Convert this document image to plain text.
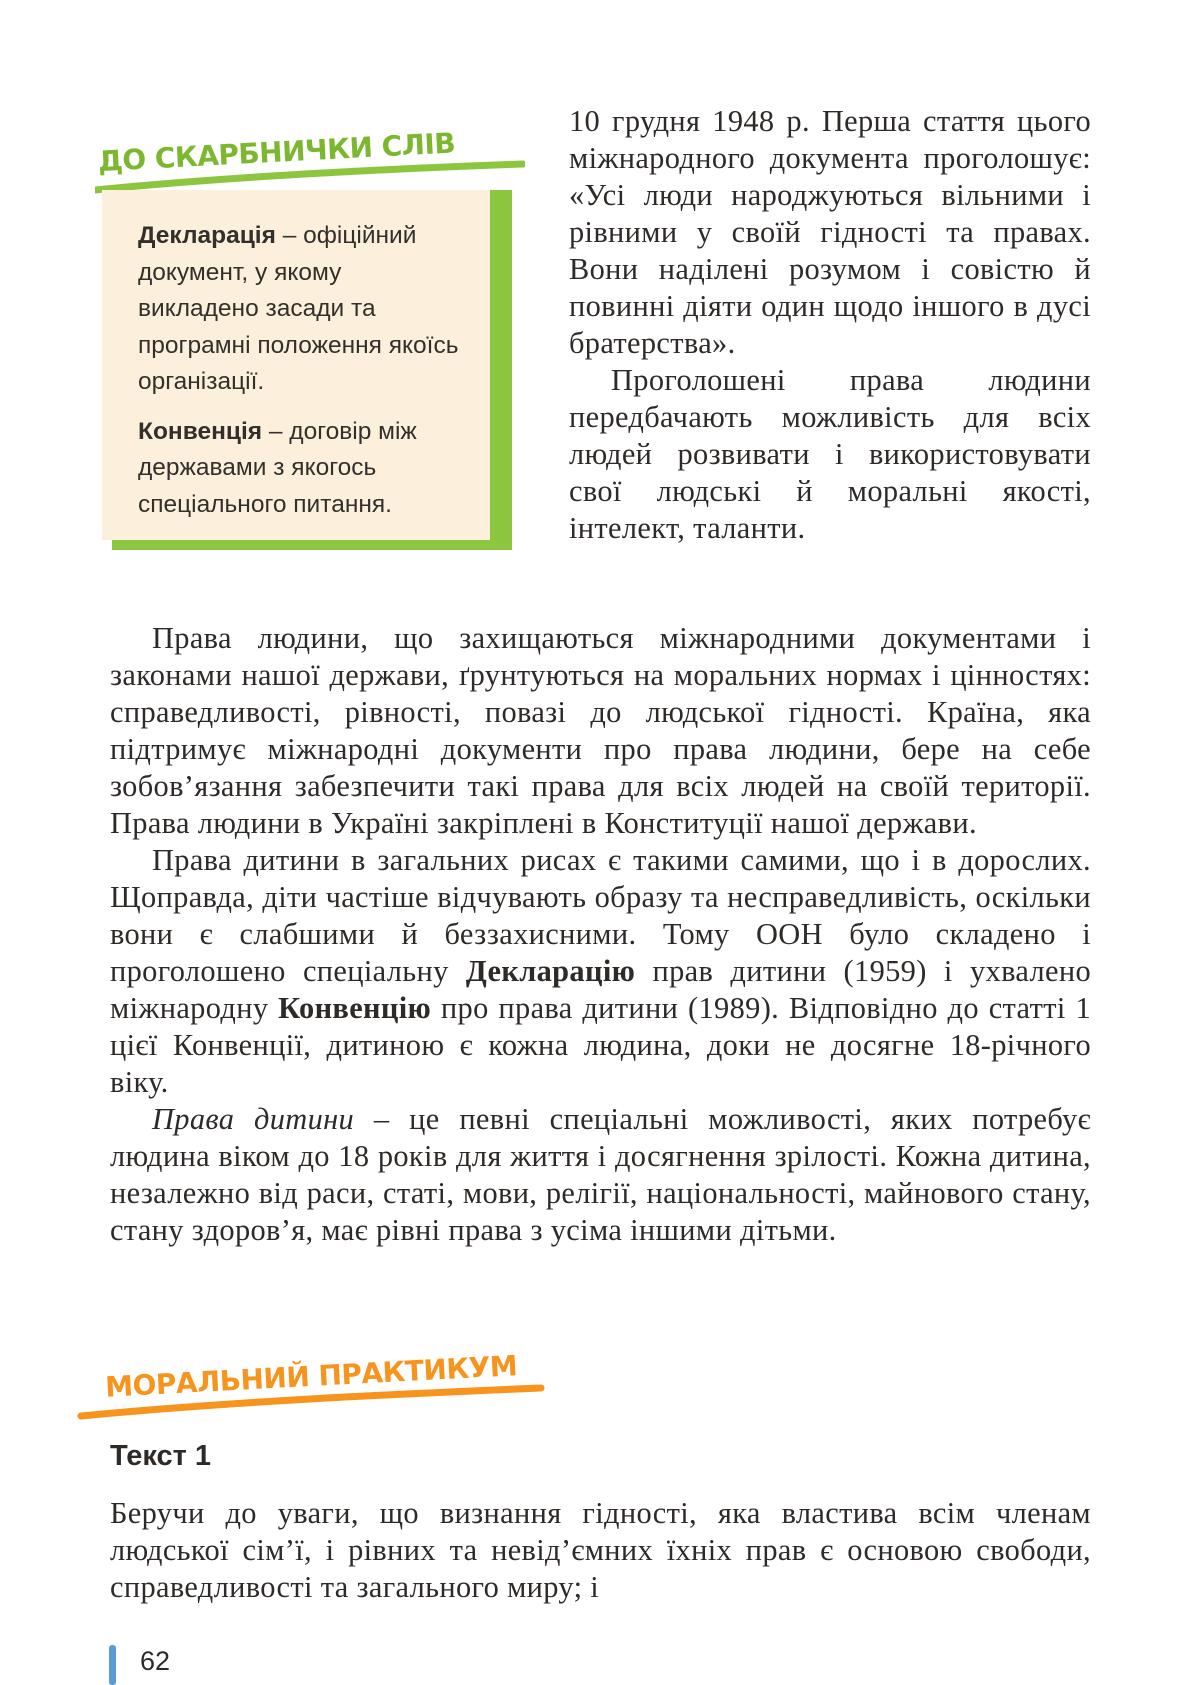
ДО СКАРБНИЧКИ СЛІВ
Декларація – офіційний документ, у якому викладено засади та програмні положення якоїсь організації.
Конвенція – договір між державами з якогось спеціального питання.

10 грудня 1948 р. Перша стаття цього міжнародного документа проголошує: «Усі люди народжуються вільними і рівними у своїй гідності та правах. Вони наділені розумом і совістю й повинні діяти один щодо іншого в дусі братерства».

Проголошені права людини передбачають можливість для всіх людей розвивати і використовувати свої людські й моральні якості, інтелект, таланти.

Права людини, що захищаються міжнародними документами і законами нашої держави, ґрунтуються на моральних нормах і цінностях: справедливості, рівності, повазі до людської гідності. Країна, яка підтримує міжнародні документи про права людини, бере на себе зобов’язання забезпечити такі права для всіх людей на своїй території. Права людини в Україні закріплені в Конституції нашої держави.

Права дитини в загальних рисах є такими самими, що і в дорослих. Щоправда, діти частіше відчувають образу та несправедливість, оскільки вони є слабшими й беззахисними. Тому ООН було складено і проголошено спеціальну Декларацію прав дитини (1959) і ухвалено міжнародну Конвенцію про права дитини (1989). Відповідно до статті 1 цієї Конвенції, дитиною є кожна людина, доки не досягне 18-річного віку.

Права дитини – це певні спеціальні можливості, яких потребує людина віком до 18 років для життя і досягнення зрілості. Кожна дитина, незалежно від раси, статі, мови, релігії, національності, майнового стану, стану здоров’я, має рівні права з усіма іншими дітьми.

МОРАЛЬНИЙ ПРАКТИКУМ
Текст 1

Беручи до уваги, що визнання гідності, яка властива всім членам людської сім’ї, і рівних та невід’ємних їхніх прав є основою свободи, справедливості та загального миру; і

62
